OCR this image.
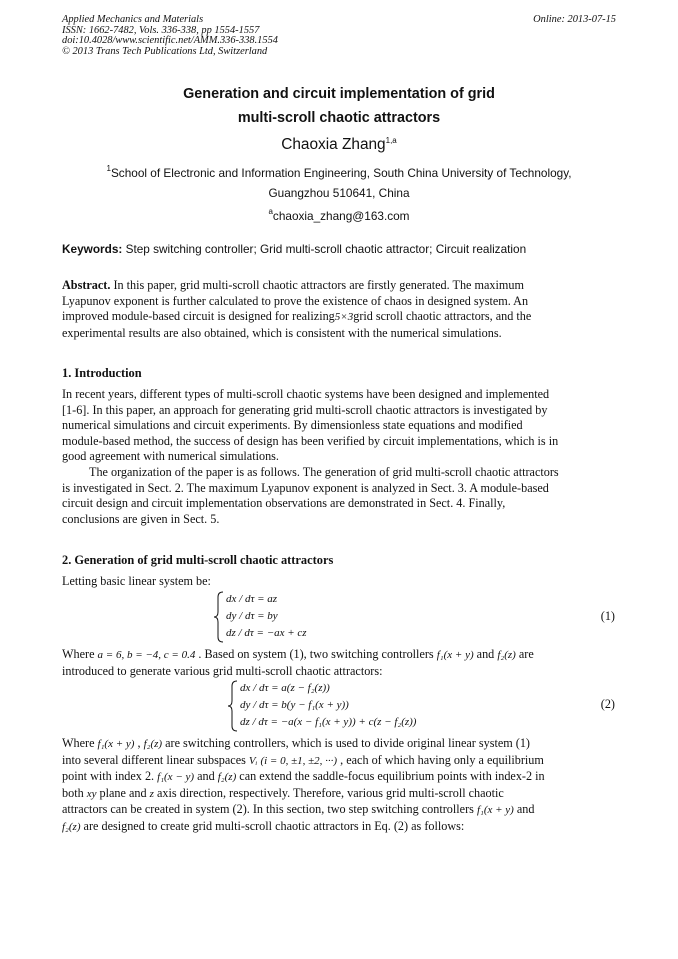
Applied Mechanics and Materials
ISSN: 1662-7482, Vols. 336-338, pp 1554-1557
doi:10.4028/www.scientific.net/AMM.336-338.1554
© 2013 Trans Tech Publications Ltd, Switzerland
Online: 2013-07-15
Generation and circuit implementation of grid
multi-scroll chaotic attractors
Chaoxia Zhang$^{1,a}$
$^1$School of Electronic and Information Engineering, South China University of Technology,
Guangzhou 510641, China
$^a$chaoxia_zhang@163.com
Keywords: Step switching controller; Grid multi-scroll chaotic attractor; Circuit realization
Abstract. In this paper, grid multi-scroll chaotic attractors are firstly generated. The maximum
Lyapunov exponent is further calculated to prove the existence of chaos in designed system. An
improved module-based circuit is designed for realizing5×3grid scroll chaotic attractors, and the
experimental results are also obtained, which is consistent with the numerical simulations.
1. Introduction
In recent years, different types of multi-scroll chaotic systems have been designed and implemented
[1-6]. In this paper, an approach for generating grid multi-scroll chaotic attractors is investigated by
numerical simulations and circuit experiments. By dimensionless state equations and modified
module-based method, the success of design has been verified by circuit implementations, which is in
good agreement with numerical simulations.
The organization of the paper is as follows. The generation of grid multi-scroll chaotic attractors
is investigated in Sect. 2. The maximum Lyapunov exponent is analyzed in Sect. 3. A module-based
circuit design and circuit implementation observations are demonstrated in Sect. 4. Finally,
conclusions are given in Sect. 5.
2. Generation of grid multi-scroll chaotic attractors
Letting basic linear system be:
dx / dτ = az
dy / dτ = by
dz / dτ = −ax + cz
(1)
Where a = 6, b = −4, c = 0.4 . Based on system (1), two switching controllers f₁(x + y) and f₂(z) are
introduced to generate various grid multi-scroll chaotic attractors:
dx / dτ = a(z − f₂(z))
dy / dτ = b(y − f₁(x + y))
dz / dτ = −a(x − f₁(x + y)) + c(z − f₂(z))
(2)
Where f₁(x + y) , f₂(z) are switching controllers, which is used to divide original linear system (1)
into several different linear subspaces Vᵢ (i = 0, ±1, ±2, ···) , each of which having only a equilibrium
point with index 2. f₁(x − y) and f₂(z) can extend the saddle-focus equilibrium points with index-2 in
both xy plane and z axis direction, respectively. Therefore, various grid multi-scroll chaotic
attractors can be created in system (2). In this section, two step switching controllers f₁(x + y) and
f₂(z) are designed to create grid multi-scroll chaotic attractors in Eq. (2) as follows:
